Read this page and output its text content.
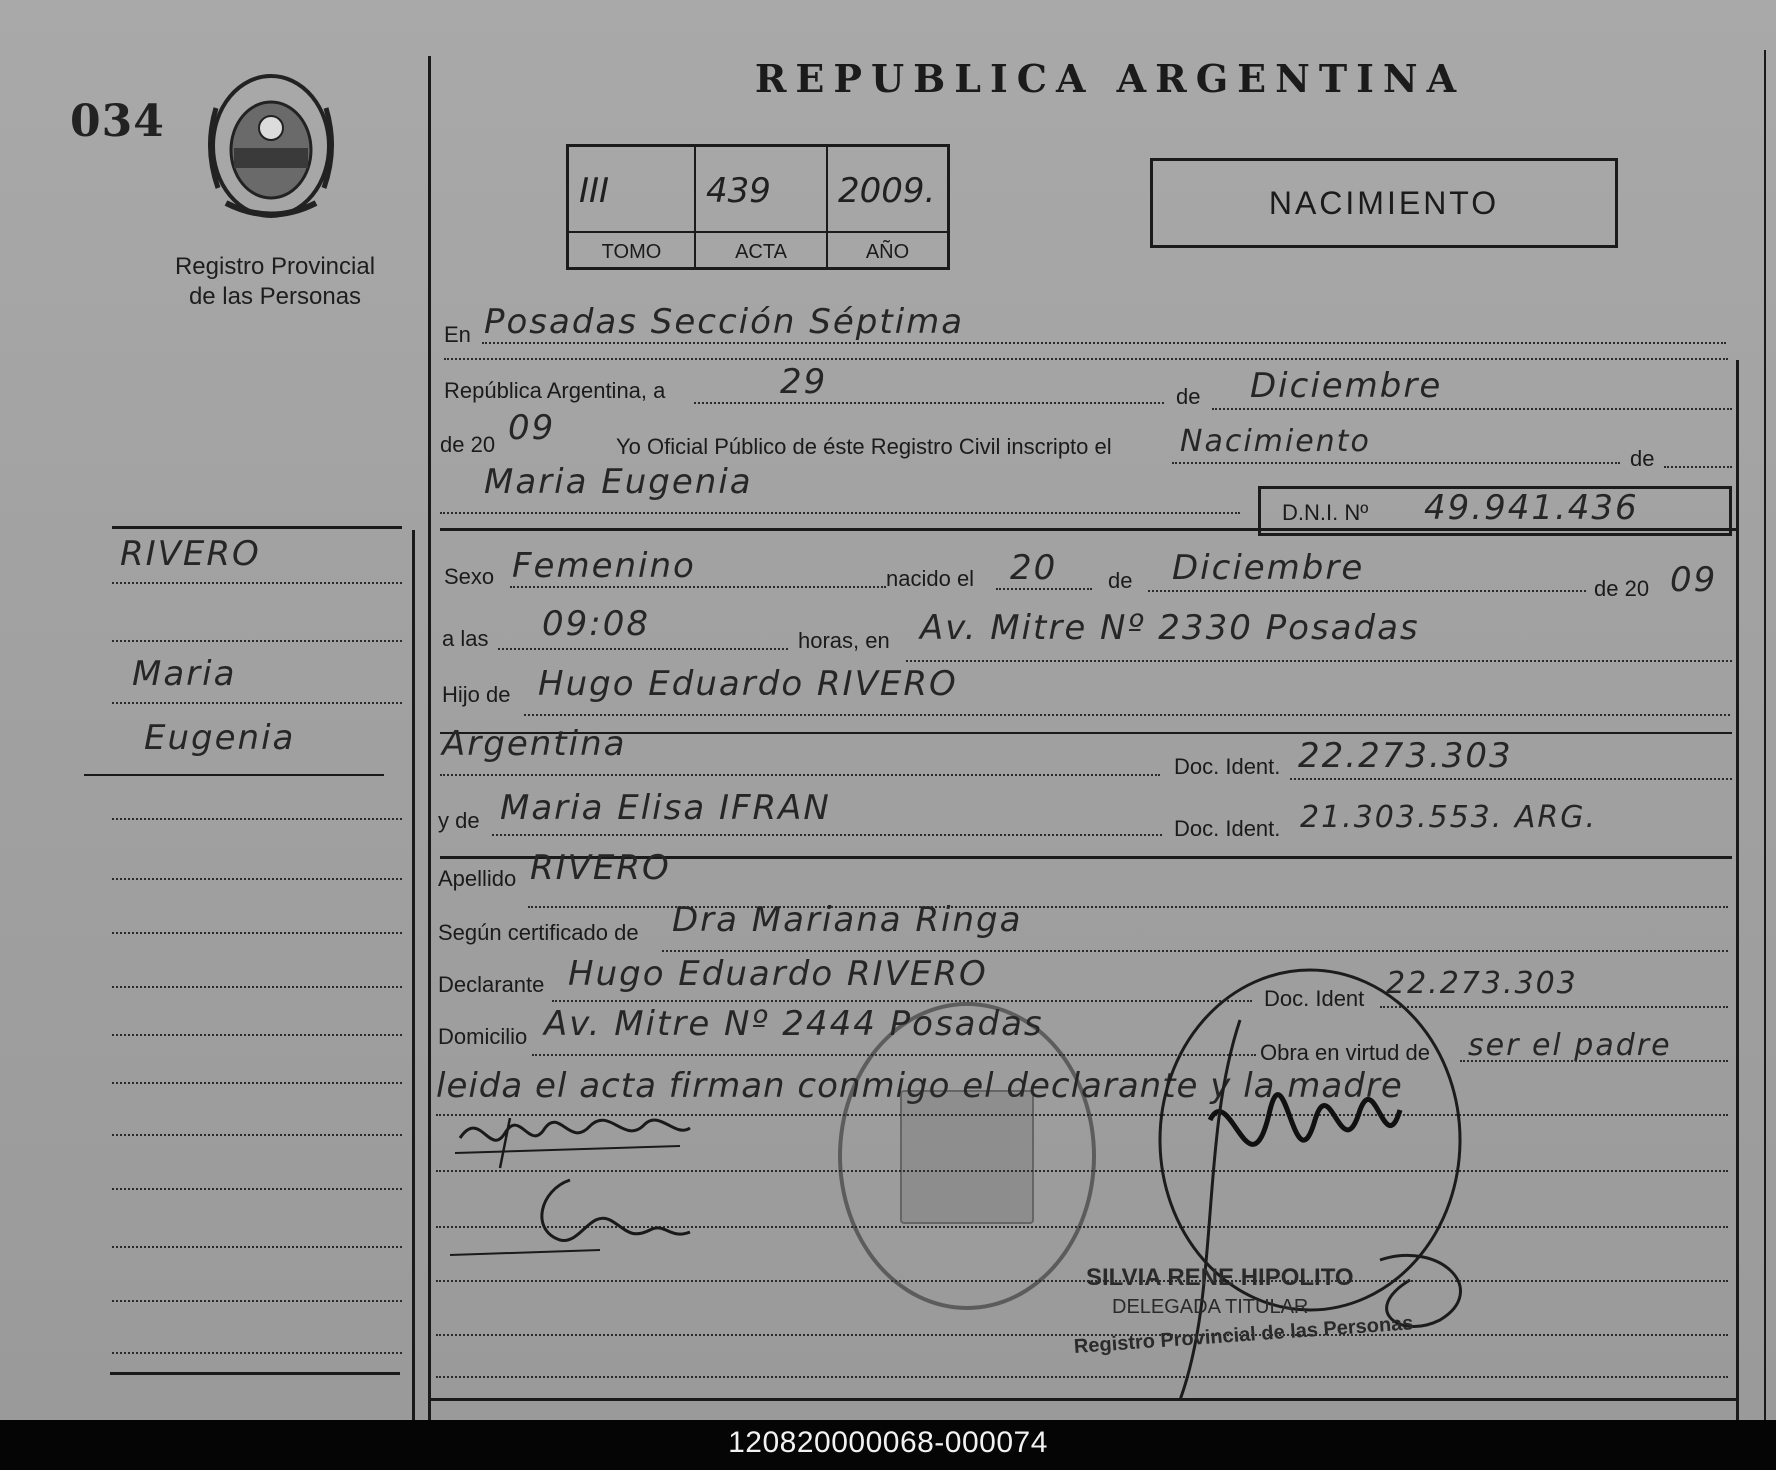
034
Registro Provincial
de las Personas
REPUBLICA ARGENTINA
III	439	2009.
TOMO	ACTA	AÑO
NACIMIENTO
RIVERO
Maria
Eugenia
En Posadas Sección Séptima
República Argentina, a	29	de Diciembre
de 20 09	Yo Oficial Público de éste Registro Civil inscripto el Nacimiento	de
Maria Eugenia
D.N.I. Nº 49.941.436
Sexo Femenino	nacido el 20 de Diciembre
de 20 09
a las 09:08	horas, en Av. Mitre Nº 2330 Posadas
Hijo de Hugo Eduardo RIVERO
Argentina
Doc. Ident. 22.273.303
y de Maria Elisa IFRAN
Doc. Ident. 21.303.553. ARG.
Apellido RIVERO
Según certificado de Dra Mariana Ringa
Declarante Hugo Eduardo RIVERO
Doc. Ident 22.273.303
Domicilio Av. Mitre Nº 2444 Posadas
Obra en virtud de ser el padre
leida el acta firman conmigo el declarante y la madre
SILVIA RENE HIPOLITO
DELEGADA TITULAR
Registro Provincial de las Personas
120820000068-000074
